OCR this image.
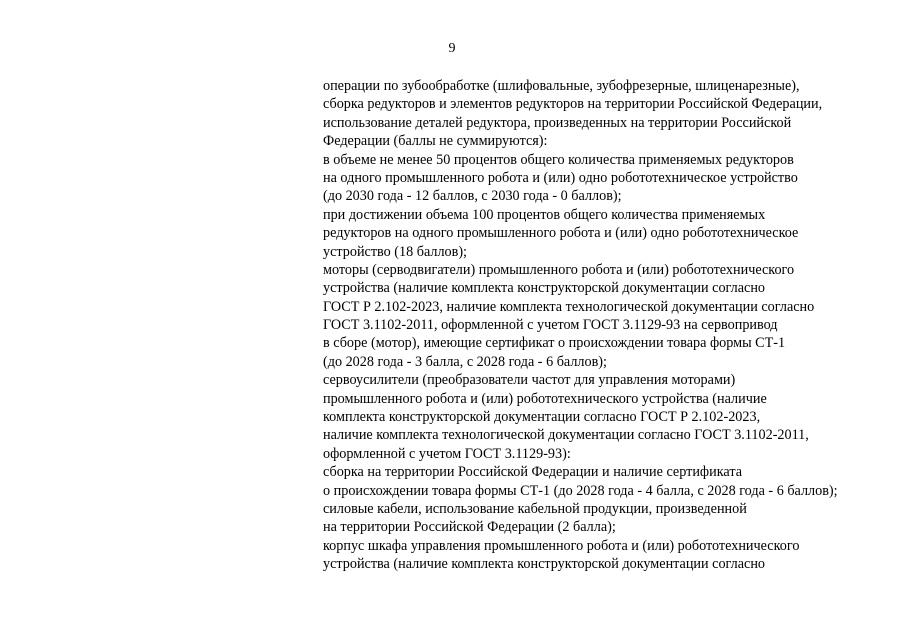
9
операции по зубообработке (шлифовальные, зубофрезерные, шлиценарезные),
сборка редукторов и элементов редукторов на территории Российской Федерации,
использование деталей редуктора, произведенных на территории Российской
Федерации (баллы не суммируются):
в объеме не менее 50 процентов общего количества применяемых редукторов
на одного промышленного робота и (или) одно робототехническое устройство
(до 2030 года - 12 баллов, с 2030 года - 0 баллов);
при достижении объема 100 процентов общего количества применяемых
редукторов на одного промышленного робота и (или) одно робототехническое
устройство (18 баллов);
моторы (серводвигатели) промышленного робота и (или) робототехнического
устройства (наличие комплекта конструкторской документации согласно
ГОСТ Р 2.102-2023, наличие комплекта технологической документации согласно
ГОСТ 3.1102-2011, оформленной с учетом ГОСТ 3.1129-93 на сервопривод
в сборе (мотор), имеющие сертификат о происхождении товара формы СТ-1
(до 2028 года - 3 балла, с 2028 года - 6 баллов);
сервоусилители (преобразователи частот для управления моторами)
промышленного робота и (или) робототехнического устройства (наличие
комплекта конструкторской документации согласно ГОСТ Р 2.102-2023,
наличие комплекта технологической документации согласно ГОСТ 3.1102-2011,
оформленной с учетом ГОСТ 3.1129-93):
сборка на территории Российской Федерации и наличие сертификата
о происхождении товара формы СТ-1 (до 2028 года - 4 балла, с 2028 года - 6 баллов);
силовые кабели, использование кабельной продукции, произведенной
на территории Российской Федерации (2 балла);
корпус шкафа управления промышленного робота и (или) робототехнического
устройства (наличие комплекта конструкторской документации согласно
